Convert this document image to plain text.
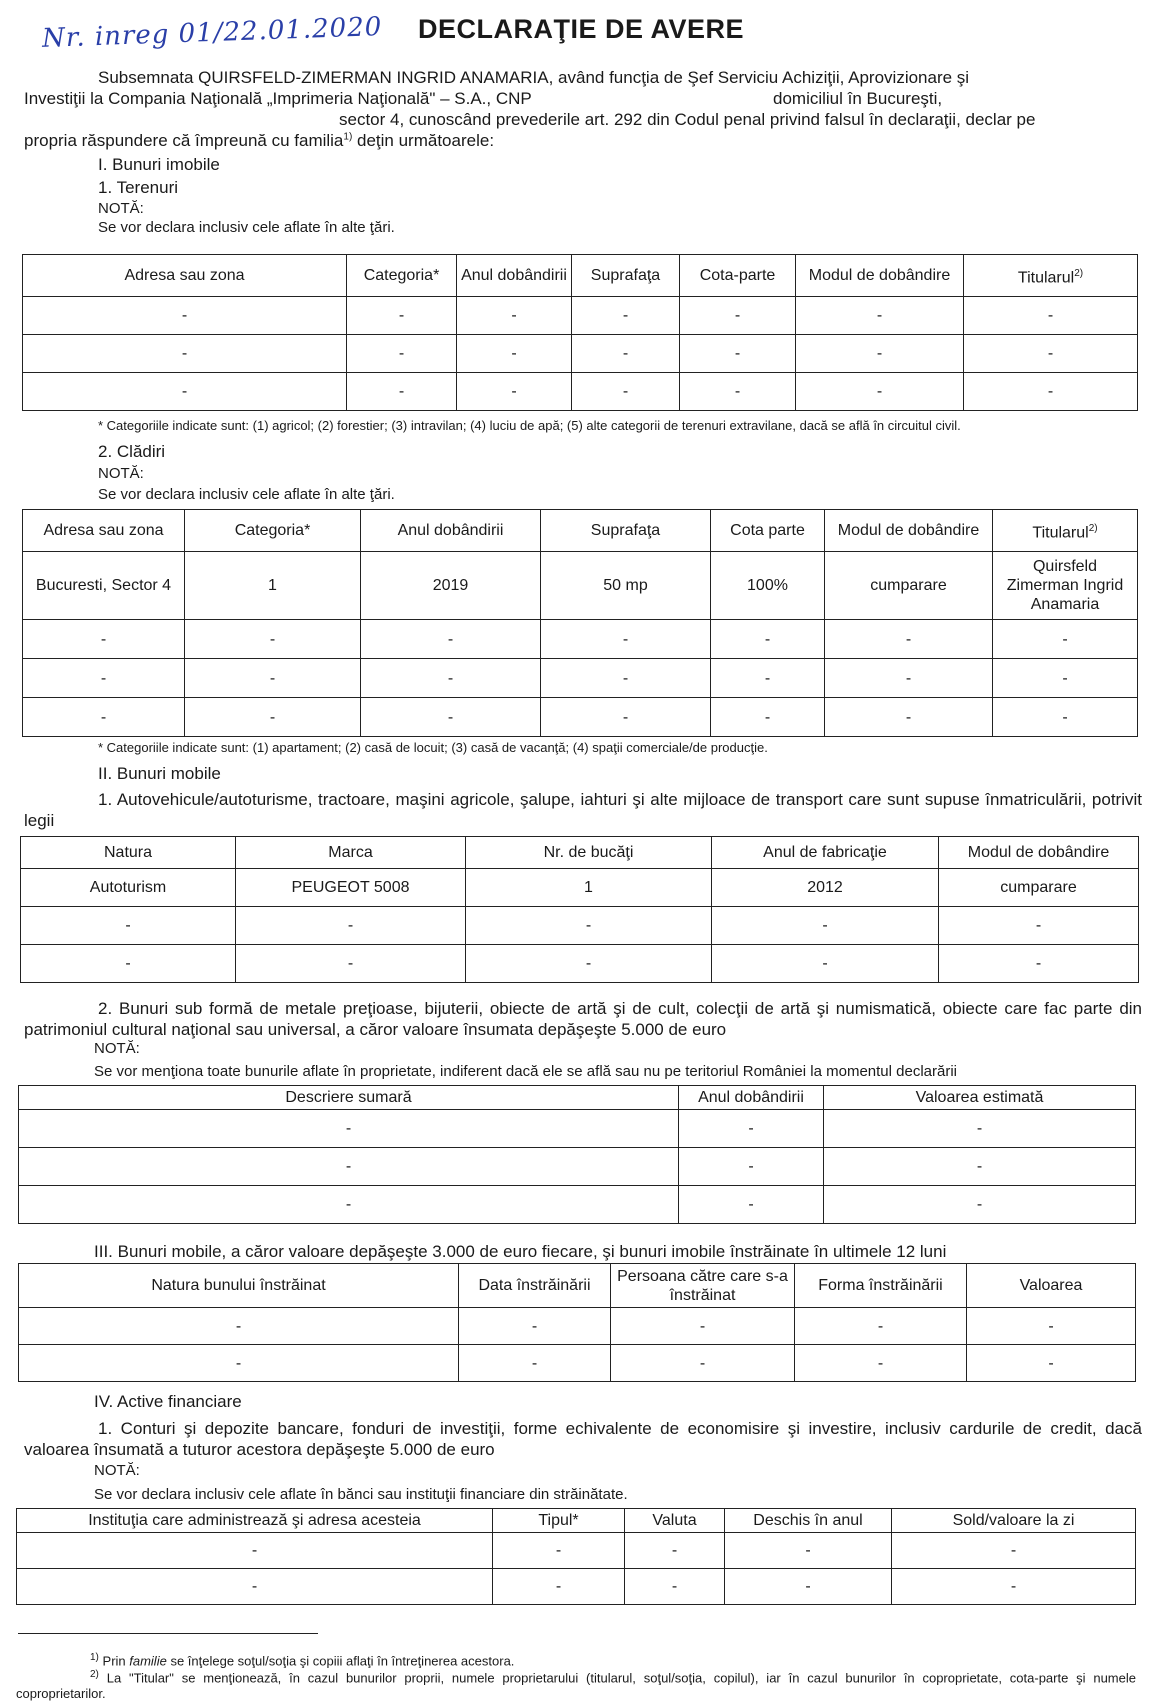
Nr. inreg 01/22.01.2020 DECLARAŢIE DE AVERE
Subsemnata QUIRSFELD-ZIMERMAN INGRID ANAMARIA, având funcţia de Şef Serviciu Achiziţii, Aprovizionare şi
Investiţii la Compania Naţională „Imprimeria Naţională" – S.A., CNP	domiciliul în Bucureşti,
sector 4, cunoscând prevederile art. 292 din Codul penal privind falsul în declaraţii, declar pe
propria răspundere că împreună cu familia$^{1)}$ deţin următoarele:
I. Bunuri imobile
1. Terenuri
NOTĂ:
Se vor declara inclusiv cele aflate în alte ţări.
Adresa sau zona	Categoria*	Anul dobândirii	Suprafaţa	Cota-parte	Modul de dobândire	Titularul$^{2)}$
-	-	-	-	-	-	-
-	-	-	-	-	-	-
-	-	-	-	-	-	-
* Categoriile indicate sunt: (1) agricol; (2) forestier; (3) intravilan; (4) luciu de apă; (5) alte categorii de terenuri extravilane, dacă se află în circuitul civil.
2. Clădiri
NOTĂ:
Se vor declara inclusiv cele aflate în alte ţări.
Adresa sau zona	Categoria*	Anul dobândirii	Suprafaţa	Cota parte	Modul de dobândire	Titularul$^{2)}$
Bucuresti, Sector 4	1	2019	50 mp	100%	cumparare	Quirsfeld Zimerman Ingrid Anamaria
-	-	-	-	-	-	-
-	-	-	-	-	-	-
-	-	-	-	-	-	-
* Categoriile indicate sunt: (1) apartament; (2) casă de locuit; (3) casă de vacanţă; (4) spaţii comerciale/de producţie.
II. Bunuri mobile
1. Autovehicule/autoturisme, tractoare, maşini agricole, şalupe, iahturi şi alte mijloace de transport care sunt supuse înmatriculării, potrivit legii
Natura	Marca	Nr. de bucăţi	Anul de fabricaţie	Modul de dobândire
Autoturism	PEUGEOT 5008	1	2012	cumparare
-	-	-	-	-
-	-	-	-	-
2. Bunuri sub formă de metale preţioase, bijuterii, obiecte de artă şi de cult, colecţii de artă şi numismatică, obiecte care fac parte din patrimoniul cultural naţional sau universal, a căror valoare însumata depăşeşte 5.000 de euro
NOTĂ:
Se vor menţiona toate bunurile aflate în proprietate, indiferent dacă ele se află sau nu pe teritoriul României la momentul declarării
Descriere sumară	Anul dobândirii	Valoarea estimată
-	-	-
-	-	-
-	-	-
III. Bunuri mobile, a căror valoare depăşeşte 3.000 de euro fiecare, şi bunuri imobile înstrăinate în ultimele 12 luni
Natura bunului înstrăinat	Data înstrăinării	Persoana către care s-a înstrăinat	Forma înstrăinării	Valoarea
-	-	-	-	-
-	-	-	-	-
IV. Active financiare
1. Conturi şi depozite bancare, fonduri de investiţii, forme echivalente de economisire şi investire, inclusiv cardurile de credit, dacă valoarea însumată a tuturor acestora depăşeşte 5.000 de euro
NOTĂ:
Se vor declara inclusiv cele aflate în bănci sau instituţii financiare din străinătate.
Instituţia care administrează şi adresa acesteia	Tipul*	Valuta	Deschis în anul	Sold/valoare la zi
-	-	-	-	-
-	-	-	-	-
$^{1)}$ Prin familie se înţelege soţul/soţia şi copiii aflaţi în întreţinerea acestora.
$^{2)}$ La "Titular" se menţionează, în cazul bunurilor proprii, numele proprietarului (titularul, soţul/soţia, copilul), iar în cazul bunurilor în coproprietate, cota-parte şi numele coproprietarilor.
